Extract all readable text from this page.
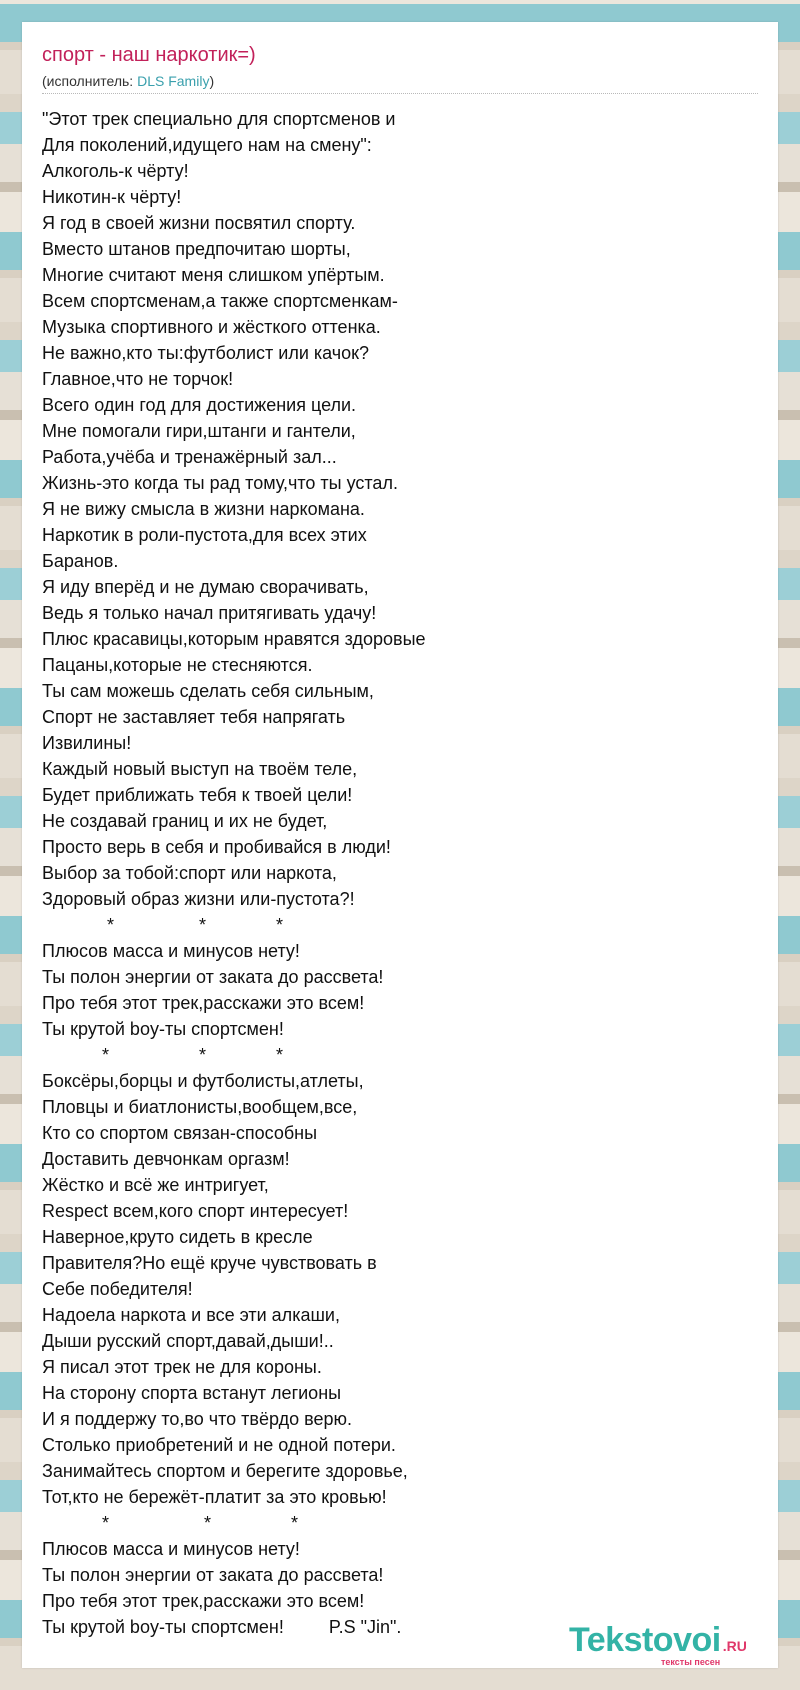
спорт - наш наркотик=)
(исполнитель: DLS Family)
"Этот трек специально для спортсменов и
Для поколений,идущего нам на смену":
Алкоголь-к чёрту!
Никотин-к чёрту!
Я год в своей жизни посвятил спорту.
Вместо штанов предпочитаю шорты,
Многие считают меня слишком упёртым.
Всем спортсменам,а также спортсменкам-
Музыка спортивного и жёсткого оттенка.
Не важно,кто ты:футболист или качок?
Главное,что не торчок!
Всего один год для достижения цели.
Мне помогали гири,штанги и гантели,
Работа,учёба и тренажёрный зал...
Жизнь-это когда ты рад тому,что ты устал.
Я не вижу смысла в жизни наркомана.
Наркотик в роли-пустота,для всех этих
Баранов.
Я иду вперёд и не думаю сворачивать,
Ведь я только начал притягивать удачу!
Плюс красавицы,которым нравятся здоровые
Пацаны,которые не стесняются.
Ты сам можешь сделать себя сильным,
Спорт не заставляет тебя напрягать
Извилины!
Каждый новый выступ на твоём теле,
Будет приближать тебя к твоей цели!
Не создавай границ и их не будет,
Просто верь в себя и пробивайся в люди!
Выбор за тобой:спорт или наркота,
Здоровый образ жизни или-пустота?!
*                 *              *
Плюсов масса и минусов нету!
Ты полон энергии от заката до рассвета!
Про тебя этот трек,расскажи это всем!
Ты крутой boy-ты спортсмен!
*                  *              *
Боксёры,борцы и футболисты,атлеты,
Пловцы и биатлонисты,вообщем,все,
Кто со спортом связан-способны
Доставить девчонкам оргазм!
Жёстко и всё же интригует,
Respect всем,кого спорт интересует!
Наверное,круто сидеть в кресле
Правителя?Но ещё круче чувствовать в
Себе победителя!
Надоела наркота и все эти алкаши,
Дыши русский спорт,давай,дыши!..
Я писал этот трек не для короны.
На сторону спорта встанут легионы
И я поддержу то,во что твёрдо верю.
Столько приобретений и не одной потери.
Занимайтесь спортом и берегите здоровье,
Тот,кто не бережёт-платит за это кровью!
*                   *                *
Плюсов масса и минусов нету!
Ты полон энергии от заката до рассвета!
Про тебя этот трек,расскажи это всем!
Ты крутой boy-ты спортсмен!         P.S "Jin".	Tekstovoi .RU
тексты песен
